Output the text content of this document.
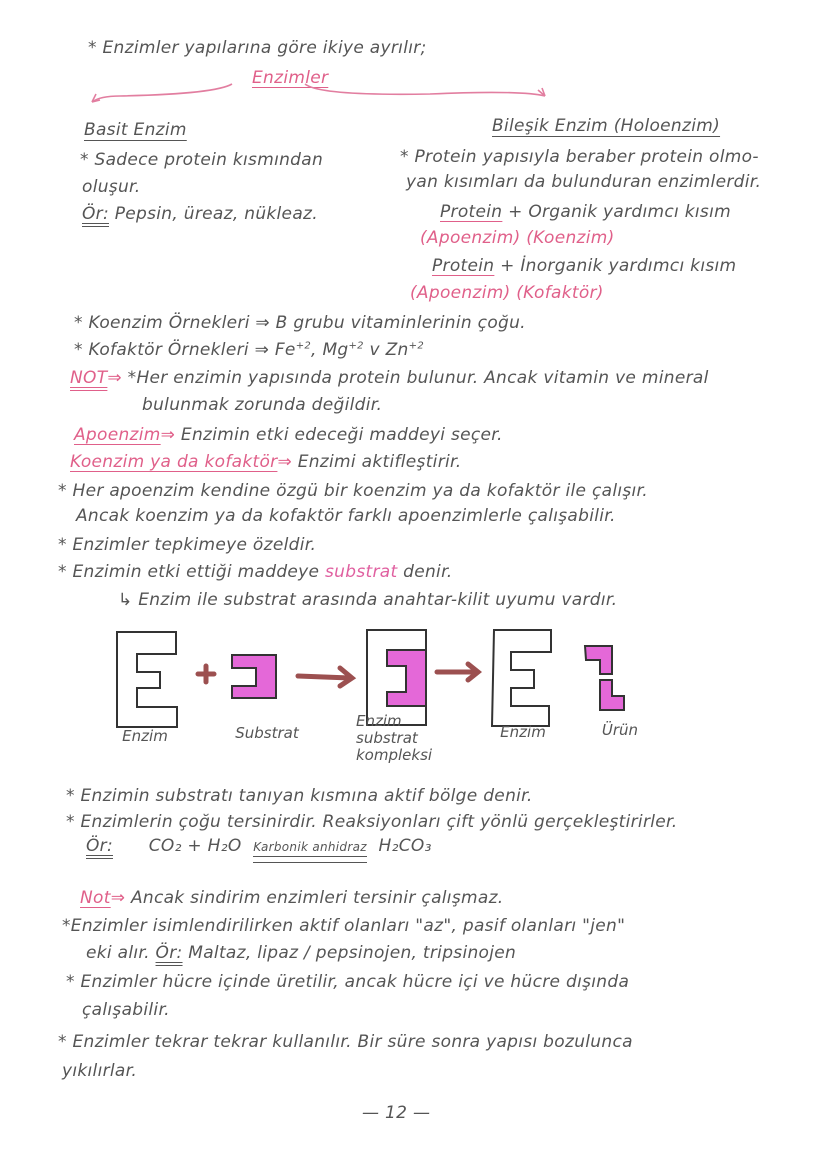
* Enzimler yapılarına göre ikiye ayrılır;
Enzimler
Basit Enzim
* Sadece protein kısmından
oluşur.
Ör: Pepsin, üreaz, nükleaz.
Bileşik Enzim (Holoenzim)
* Protein yapısıyla beraber protein olmo-
yan kısımları da bulunduran enzimlerdir.
Protein + Organik yardımcı kısım
(Apoenzim) (Koenzim)
Protein + İnorganik yardımcı kısım
(Apoenzim) (Kofaktör)
* Koenzim Örnekleri ⇒ B grubu vitaminlerinin çoğu.
* Kofaktör Örnekleri ⇒ $Fe^{+2}$, $Mg^{+2}$ v $Zn^{+2}$
NOT⇒ *Her enzimin yapısında protein bulunur. Ancak vitamin ve mineral
bulunmak zorunda değildir.
Apoenzim⇒ Enzimin etki edeceği maddeyi seçer.
Koenzim ya da kofaktör⇒ Enzimi aktifleştirir.
* Her apoenzim kendine özgü bir koenzim ya da kofaktör ile çalışır.
Ancak koenzim ya da kofaktör farklı apoenzimlerle çalışabilir.
* Enzimler tepkimeye özeldir.
* Enzimin etki ettiği maddeye substrat denir.
↳ Enzim ile substrat arasında anahtar-kilit uyumu vardır.
Enzim	Substrat
Enzim
substrat
kompleksi
Enzim	Ürün
* Enzimin substratı tanıyan kısmına aktif bölge denir.
* Enzimlerin çoğu tersinirdir. Reaksiyonları çift yönlü gerçekleştirirler.
Ör: CO₂ + H₂O Karbonik anhidraz H₂CO₃
Not⇒ Ancak sindirim enzimleri tersinir çalışmaz.
*Enzimler isimlendirilirken aktif olanları "az", pasif olanları "jen"
eki alır. Ör: Maltaz, lipaz / pepsinojen, tripsinojen
* Enzimler hücre içinde üretilir, ancak hücre içi ve hücre dışında
çalışabilir.
* Enzimler tekrar tekrar kullanılır. Bir süre sonra yapısı bozulunca
yıkılırlar.
— 12 —
